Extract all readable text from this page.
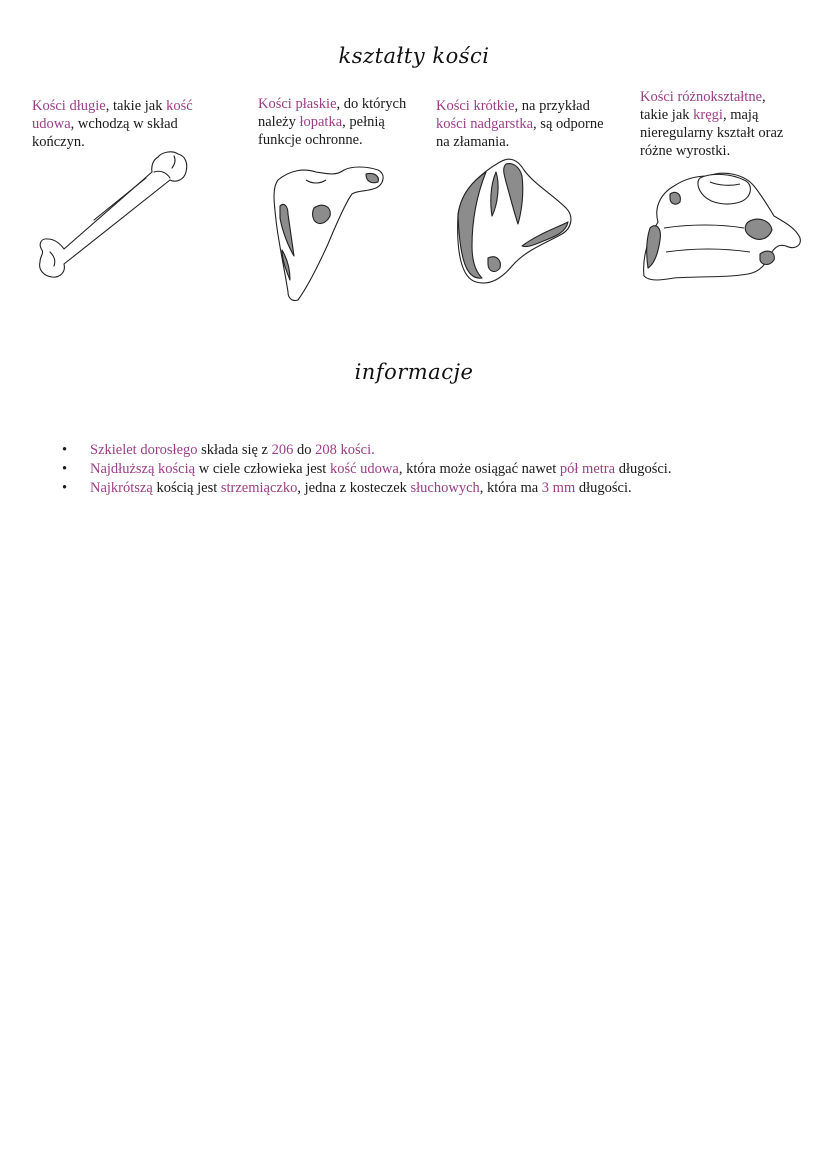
kształty kości
Kości długie, takie jak kość udowa, wchodzą w skład kończyn.
Kości płaskie, do których należy łopatka, pełnią funkcje ochronne.
Kości krótkie, na przykład kości nadgarstka, są odporne na złamania.
Kości różnokształtne, takie jak kręgi, mają nieregularny kształt oraz różne wyrostki.
informacje
• Szkielet dorosłego składa się z 206 do 208 kości.
• Najdłuższą kością w ciele człowieka jest kość udowa, która może osiągać nawet pół metra długości.
• Najkrótszą kością jest strzemiączko, jedna z kosteczek słuchowych, która ma 3 mm długości.
